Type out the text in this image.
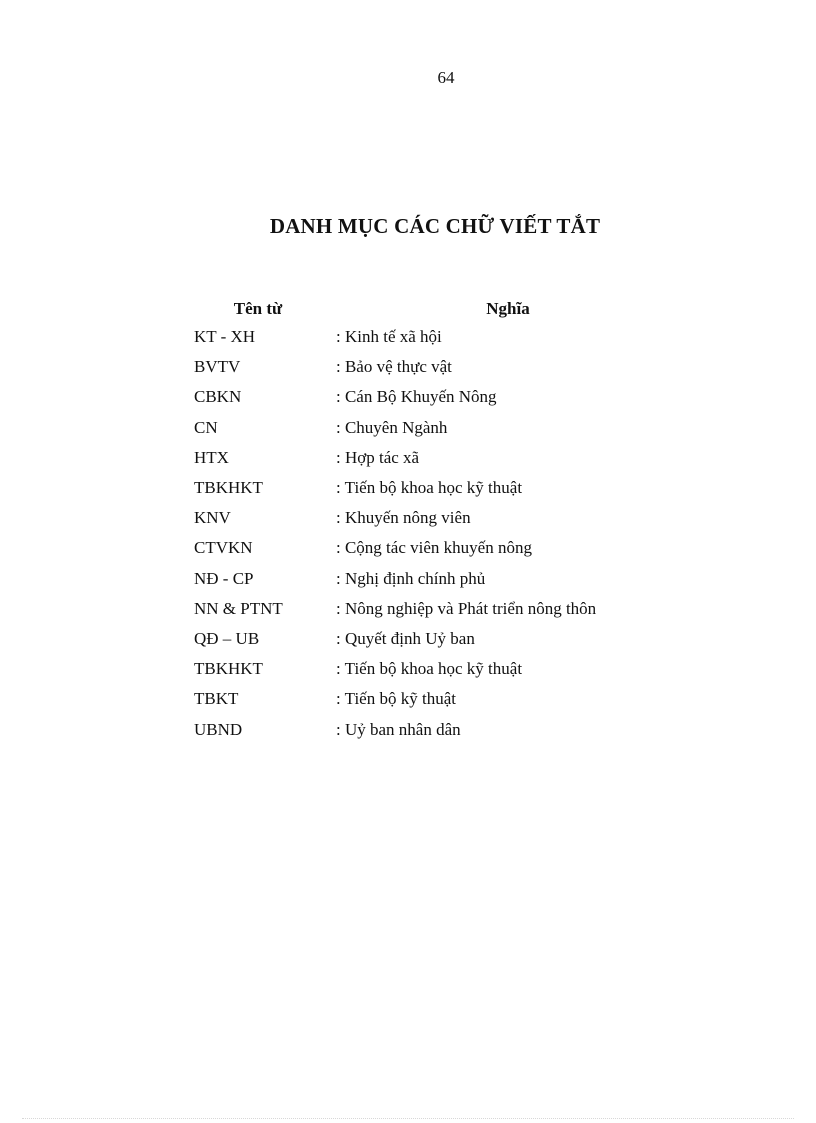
64
DANH MỤC CÁC CHỮ VIẾT TẮT
Tên từ	Nghĩa
KT - XH	: Kinh tế xã hội
BVTV	: Bảo vệ thực vật
CBKN	: Cán Bộ Khuyến Nông
CN	: Chuyên Ngành
HTX	: Hợp tác xã
TBKHKT	: Tiến bộ khoa học kỹ thuật
KNV	: Khuyến nông viên
CTVKN	: Cộng tác viên khuyến nông
NĐ - CP	: Nghị định chính phủ
NN & PTNT	: Nông nghiệp và Phát triển nông thôn
QĐ – UB	: Quyết định Uỷ ban
TBKHKT	: Tiến bộ khoa học kỹ thuật
TBKT	: Tiến bộ kỹ thuật
UBND	: Uỷ ban nhân dân
